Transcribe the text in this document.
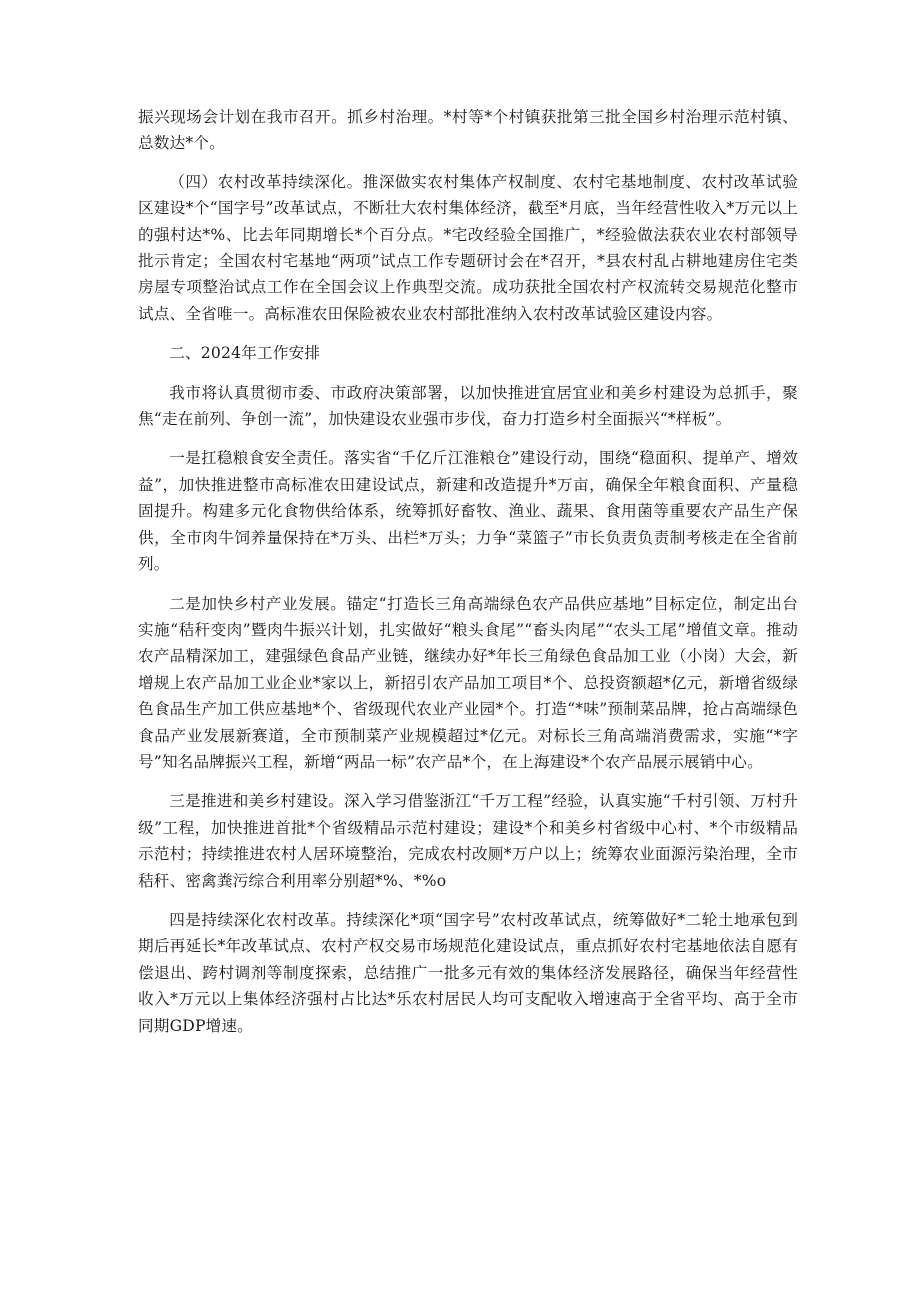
振兴现场会计划在我市召开。抓乡村治理。*村等*个村镇获批第三批全国乡村治理示范村镇、总数达*个。

（四）农村改革持续深化。推深做实农村集体产权制度、农村宅基地制度、农村改革试验区建设*个“国字号”改革试点，不断壮大农村集体经济，截至*月底，当年经营性收入*万元以上的强村达*%、比去年同期增长*个百分点。*宅改经验全国推广，*经验做法获农业农村部领导批示肯定；全国农村宅基地“两项”试点工作专题研讨会在*召开，*县农村乱占耕地建房住宅类房屋专项整治试点工作在全国会议上作典型交流。成功获批全国农村产权流转交易规范化整市试点、全省唯一。高标准农田保险被农业农村部批准纳入农村改革试验区建设内容。

二、2024年工作安排

我市将认真贯彻市委、市政府决策部署，以加快推进宜居宜业和美乡村建设为总抓手，聚焦“走在前列、争创一流”，加快建设农业强市步伐，奋力打造乡村全面振兴“*样板”。

一是扛稳粮食安全责任。落实省“千亿斤江淮粮仓”建设行动，围绕“稳面积、提单产、增效益”，加快推进整市高标准农田建设试点，新建和改造提升*万亩，确保全年粮食面积、产量稳固提升。构建多元化食物供给体系，统筹抓好畜牧、渔业、蔬果、食用菌等重要农产品生产保供，全市肉牛饲养量保持在*万头、出栏*万头；力争“菜篮子”市长负责负责制考核走在全省前列。

二是加快乡村产业发展。锚定“打造长三角高端绿色农产品供应基地”目标定位，制定出台实施“秸秆变肉”暨肉牛振兴计划，扎实做好“粮头食尾”“畜头肉尾”“农头工尾”增值文章。推动农产品精深加工，建强绿色食品产业链，继续办好*年长三角绿色食品加工业（小岗）大会，新增规上农产品加工业企业*家以上，新招引农产品加工项目*个、总投资额超*亿元，新增省级绿色食品生产加工供应基地*个、省级现代农业产业园*个。打造“*味”预制菜品牌，抢占高端绿色食品产业发展新赛道，全市预制菜产业规模超过*亿元。对标长三角高端消费需求，实施“*字号”知名品牌振兴工程，新增“两品一标”农产品*个，在上海建设*个农产品展示展销中心。

三是推进和美乡村建设。深入学习借鉴浙江“千万工程”经验，认真实施“千村引领、万村升级”工程，加快推进首批*个省级精品示范村建设；建设*个和美乡村省级中心村、*个市级精品示范村；持续推进农村人居环境整治，完成农村改厕*万户以上；统筹农业面源污染治理，全市秸秆、密禽粪污综合利用率分别超*%、*%o

四是持续深化农村改革。持续深化*项“国字号”农村改革试点，统筹做好*二轮土地承包到期后再延长*年改革试点、农村产权交易市场规范化建设试点，重点抓好农村宅基地依法自愿有偿退出、跨村调剂等制度探索，总结推广一批多元有效的集体经济发展路径，确保当年经营性收入*万元以上集体经济强村占比达*乐农村居民人均可支配收入增速高于全省平均、高于全市同期GDP增速。
